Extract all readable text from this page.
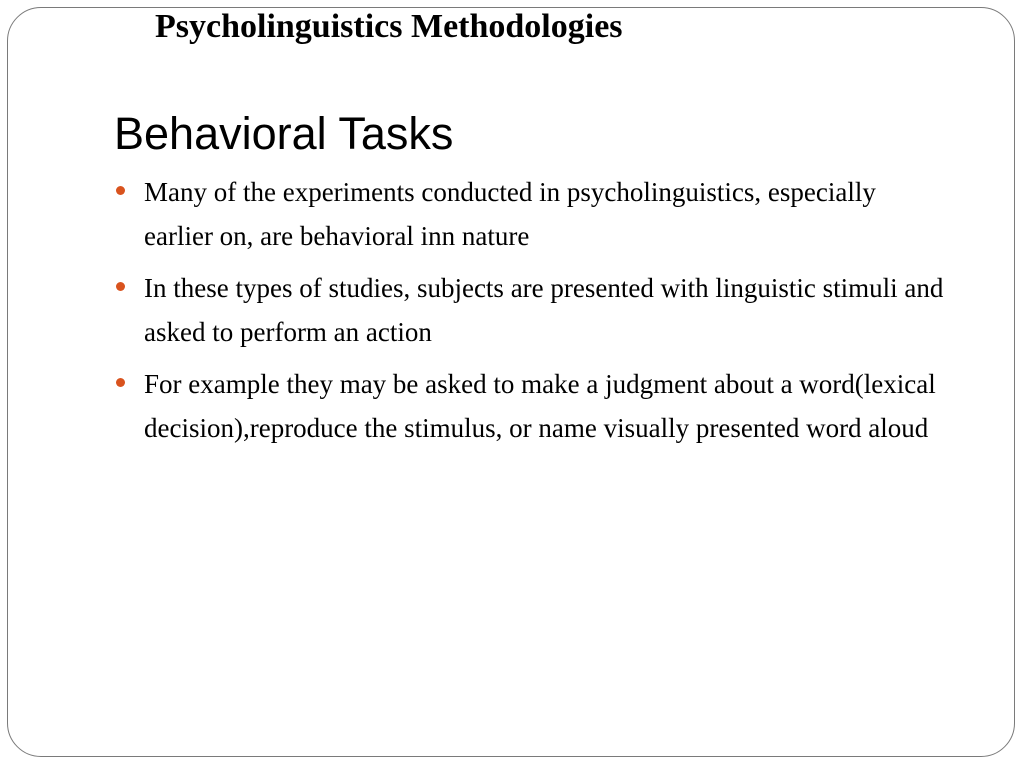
Psycholinguistics Methodologies
Behavioral Tasks
Many of the experiments conducted in psycholinguistics, especially earlier on, are behavioral inn nature
In these types of studies, subjects are presented with linguistic stimuli and asked to perform an action
For example they may be asked to make a judgment about a word(lexical decision),reproduce the stimulus, or name visually presented word aloud
